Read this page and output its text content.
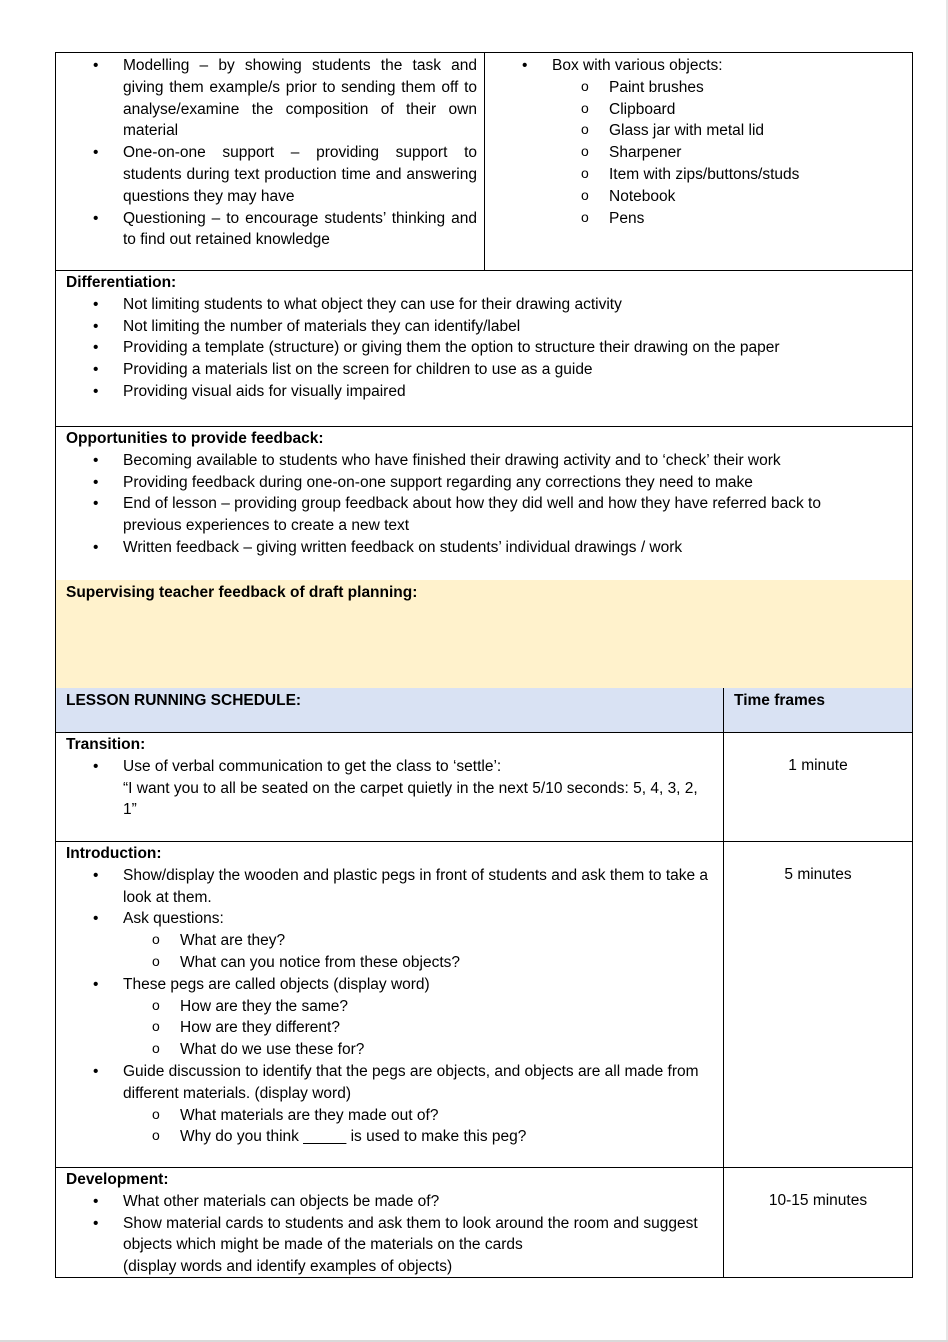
• Modelling – by showing students the task and giving them example/s prior to sending them off to analyse/examine the composition of their own material
• One-on-one support – providing support to students during text production time and answering questions they may have
• Questioning – to encourage students’ thinking and to find out retained knowledge
• Box with various objects:
o Paint brushes
o Clipboard
o Glass jar with metal lid
o Sharpener
o Item with zips/buttons/studs
o Notebook
o Pens
Differentiation:
• Not limiting students to what object they can use for their drawing activity
• Not limiting the number of materials they can identify/label
• Providing a template (structure) or giving them the option to structure their drawing on the paper
• Providing a materials list on the screen for children to use as a guide
• Providing visual aids for visually impaired
Opportunities to provide feedback:
• Becoming available to students who have finished their drawing activity and to ‘check’ their work
• Providing feedback during one-on-one support regarding any corrections they need to make
• End of lesson – providing group feedback about how they did well and how they have referred back to previous experiences to create a new text
• Written feedback – giving written feedback on students’ individual drawings / work
Supervising teacher feedback of draft planning:
LESSON RUNNING SCHEDULE:	Time frames
Transition:
• Use of verbal communication to get the class to ‘settle’:
“I want you to all be seated on the carpet quietly in the next 5/10 seconds: 5, 4, 3, 2, 1”
1 minute
Introduction:
• Show/display the wooden and plastic pegs in front of students and ask them to take a look at them.
• Ask questions:
o What are they?
o What can you notice from these objects?
• These pegs are called objects (display word)
o How are they the same?
o How are they different?
o What do we use these for?
• Guide discussion to identify that the pegs are objects, and objects are all made from different materials. (display word)
o What materials are they made out of?
o Why do you think _____ is used to make this peg?
5 minutes
Development:
• What other materials can objects be made of?
• Show material cards to students and ask them to look around the room and suggest objects which might be made of the materials on the cards
(display words and identify examples of objects)
10-15 minutes
